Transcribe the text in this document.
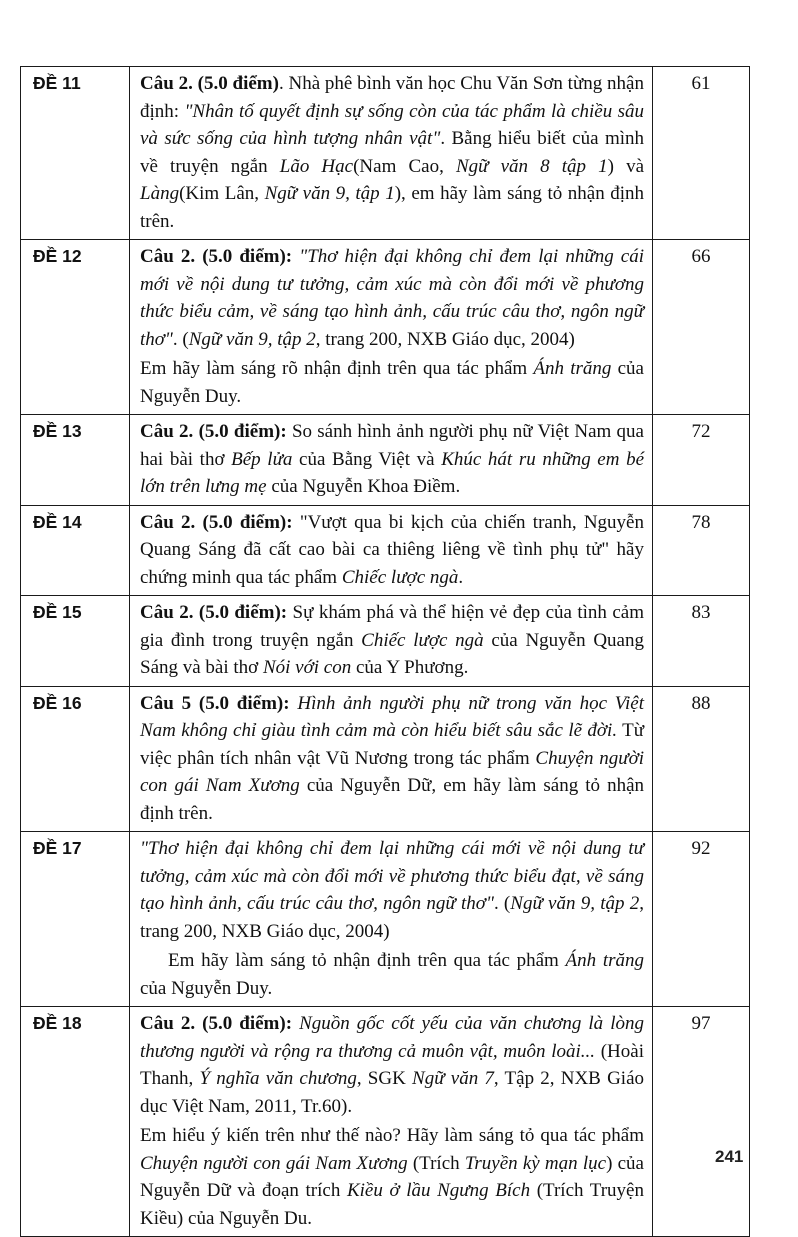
ĐỀ 11	Câu 2. (5.0 điểm). Nhà phê bình văn học Chu Văn Sơn từng nhận định: "Nhân tố quyết định sự sống còn của tác phẩm là chiều sâu và sức sống của hình tượng nhân vật". Bằng hiểu biết của mình về truyện ngắn Lão Hạc(Nam Cao, Ngữ văn 8 tập 1) và Làng(Kim Lân, Ngữ văn 9, tập 1), em hãy làm sáng tỏ nhận định trên.	61
ĐỀ 12	Câu 2. (5.0 điểm): "Thơ hiện đại không chỉ đem lại những cái mới về nội dung tư tưởng, cảm xúc mà còn đổi mới về phương thức biểu cảm, về sáng tạo hình ảnh, cấu trúc câu thơ, ngôn ngữ thơ". (Ngữ văn 9, tập 2, trang 200, NXB Giáo dục, 2004)
Em hãy làm sáng rõ nhận định trên qua tác phẩm Ánh trăng của Nguyễn Duy.	66
ĐỀ 13	Câu 2. (5.0 điểm): So sánh hình ảnh người phụ nữ Việt Nam qua hai bài thơ Bếp lửa của Bằng Việt và Khúc hát ru những em bé lớn trên lưng mẹ của Nguyễn Khoa Điềm.	72
ĐỀ 14	Câu 2. (5.0 điểm): "Vượt qua bi kịch của chiến tranh, Nguyễn Quang Sáng đã cất cao bài ca thiêng liêng về tình phụ tử" hãy chứng minh qua tác phẩm Chiếc lược ngà.	78
ĐỀ 15	Câu 2. (5.0 điểm): Sự khám phá và thể hiện vẻ đẹp của tình cảm gia đình trong truyện ngắn Chiếc lược ngà của Nguyễn Quang Sáng và bài thơ Nói với con của Y Phương.	83
ĐỀ 16	Câu 5 (5.0 điểm): Hình ảnh người phụ nữ trong văn học Việt Nam không chỉ giàu tình cảm mà còn hiểu biết sâu sắc lẽ đời. Từ việc phân tích nhân vật Vũ Nương trong tác phẩm Chuyện người con gái Nam Xương của Nguyễn Dữ, em hãy làm sáng tỏ nhận định trên.	88
ĐỀ 17	"Thơ hiện đại không chỉ đem lại những cái mới về nội dung tư tưởng, cảm xúc mà còn đổi mới về phương thức biểu đạt, về sáng tạo hình ảnh, cấu trúc câu thơ, ngôn ngữ thơ". (Ngữ văn 9, tập 2, trang 200, NXB Giáo dục, 2004)
Em hãy làm sáng tỏ nhận định trên qua tác phẩm Ánh trăng của Nguyễn Duy.	92
ĐỀ 18	Câu 2. (5.0 điểm): Nguồn gốc cốt yếu của văn chương là lòng thương người và rộng ra thương cả muôn vật, muôn loài... (Hoài Thanh, Ý nghĩa văn chương, SGK Ngữ văn 7, Tập 2, NXB Giáo dục Việt Nam, 2011, Tr.60).
Em hiểu ý kiến trên như thế nào? Hãy làm sáng tỏ qua tác phẩm Chuyện người con gái Nam Xương (Trích Truyền kỳ mạn lục) của Nguyễn Dữ và đoạn trích Kiều ở lầu Ngưng Bích (Trích Truyện Kiều) của Nguyễn Du.	97
241
